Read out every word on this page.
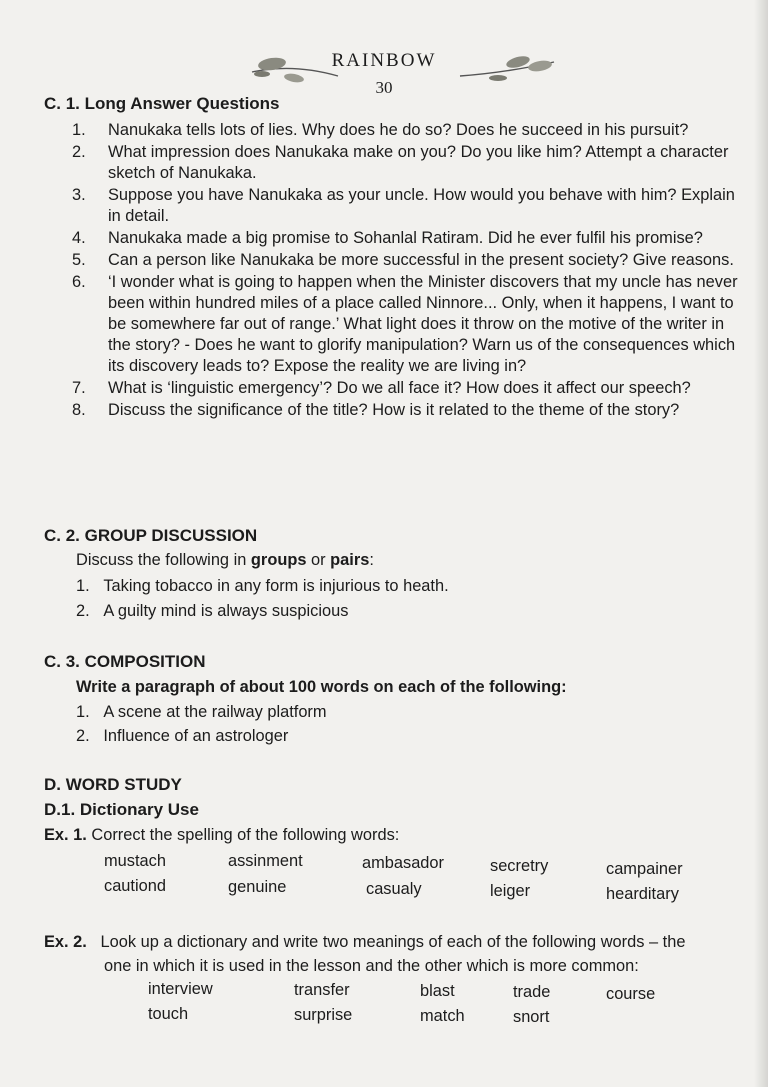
RAINBOW
30
C. 1. Long Answer Questions
1. Nanukaka tells lots of lies. Why does he do so? Does he succeed in his pursuit?
2. What impression does Nanukaka make on you? Do you like him? Attempt a character sketch of Nanukaka.
3. Suppose you have Nanukaka as your uncle. How would you behave with him? Explain in detail.
4. Nanukaka made a big promise to Sohanlal Ratiram. Did he ever fulfil his promise?
5. Can a person like Nanukaka be more successful in the present society? Give reasons.
6. ‘I wonder what is going to happen when the Minister discovers that my uncle has never been within hundred miles of a place called Ninnore... Only, when it happens, I want to be somewhere far out of range.’ What light does it throw on the motive of the writer in the story? - Does he want to glorify manipulation? Warn us of the consequences which its discovery leads to? Expose the reality we are living in?
7. What is ‘linguistic emergency’? Do we all face it? How does it affect our speech?
8. Discuss the significance of the title? How is it related to the theme of the story?
C. 2. GROUP DISCUSSION
Discuss the following in groups or pairs:
1. Taking tobacco in any form is injurious to heath.
2. A guilty mind is always suspicious
C. 3. COMPOSITION
Write a paragraph of about 100 words on each of the following:
1. A scene at the railway platform
2. Influence of an astrologer
D. WORD STUDY
D.1. Dictionary Use
Ex. 1. Correct the spelling of the following words:
mustach	assinment	ambasador	secretry	campainer
cautiond	genuine	casualy	leiger	hearditary
Ex. 2. Look up a dictionary and write two meanings of each of the following words – the
one in which it is used in the lesson and the other which is more common:
interview	transfer	blast	trade	course
touch	surprise	match	snort
